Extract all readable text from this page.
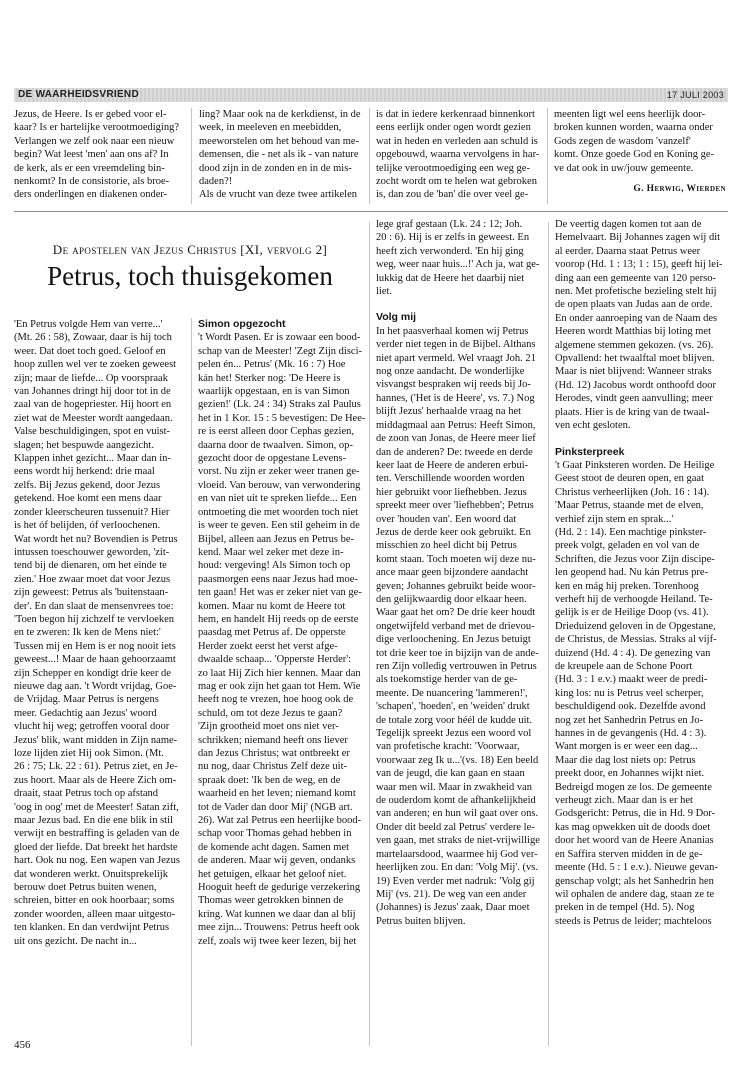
DE WAARHEIDSVRIEND	17 JULI 2003
Jezus, de Heere. Is er gebed voor el-
kaar? Is er hartelijke verootmoediging?
Verlangen we zelf ook naar een nieuw
begin? Wat leest 'men' aan ons af? In
de kerk, als er een vreemdeling bin-
nenkomt? In de consistorie, als broe-
ders onderlingen en diakenen onder-
ling? Maar ook na de kerkdienst, in de
week, in meeleven en meebidden,
meeworstelen om het behoud van me-
demensen, die - net als ik - van nature
dood zijn in de zonden en in de mis-
daden?!
Als de vrucht van deze twee artikelen
is dat in iedere kerkenraad binnenkort
eens eerlijk onder ogen wordt gezien
wat in heden en verleden aan schuld is
opgebouwd, waarna vervolgens in har-
telijke verootmoediging een weg ge-
zocht wordt om te helen wat gebroken
is, dan zou de 'ban' die over veel ge-
meenten ligt wel eens heerlijk door-
broken kunnen worden, waarna onder
Gods zegen de wasdom 'vanzelf'
komt. Onze goede God en Koning ge-
ve dat ook in uw/jouw gemeente.
G. Herwig, Wierden
De apostelen van Jezus Christus [XI, vervolg 2]
Petrus, toch thuisgekomen
'En Petrus volgde Hem van verre...'
(Mt. 26 : 58), Zowaar, daar is hij toch
weer. Dat doet toch goed. Geloof en
hoop zullen wel ver te zoeken geweest
zijn; maar de liefde... Op voorspraak
van Johannes dringt hij door tot in de
zaal van de hogepriester. Hij hoort en
ziet wat de Meester wordt aangedaan.
Valse beschuldigingen, spot en vuist-
slagen; het bespuwde aangezicht.
Klappen inhet gezicht... Maar dan in-
eens wordt hij herkend: drie maal
zelfs. Bij Jezus gekend, door Jezus
getekend. Hoe komt een mens daar
zonder kleerscheuren tussenuit? Hier
is het óf belijden, óf verloochenen.
Wat wordt het nu? Bovendien is Petrus
intussen toeschouwer geworden, 'zit-
tend bij de dienaren, om het einde te
zien.' Hoe zwaar moet dat voor Jezus
zijn geweest: Petrus als 'buitenstaan-
der'. En dan slaat de mensenvrees toe:
'Toen begon hij zichzelf te vervloeken
en te zweren: Ik ken de Mens niet:'
Tussen mij en Hem is er nog nooit iets
geweest...! Maar de haan gehoorzaamt
zijn Schepper en kondigt drie keer de
nieuwe dag aan. 't Wordt vrijdag, Goe-
de Vrijdag. Maar Petrus is nergens
meer. Gedachtig aan Jezus' woord
vlucht hij weg; getroffen vooral door
Jezus' blik, want midden in Zijn name-
loze lijden ziet Hij ook Simon. (Mt.
26 : 75; Lk. 22 : 61). Petrus ziet, en Je-
zus hoort. Maar als de Heere Zich om-
draait, staat Petrus toch op afstand
'oog in oog' met de Meester! Satan zift,
maar Jezus bad. En die ene blik in stil
verwijt en bestraffing is geladen van de
gloed der liefde. Dat breekt het hardste
hart. Ook nu nog. Een wapen van Jezus
dat wonderen werkt. Onuitsprekelijk
berouw doet Petrus buiten wenen,
schreien, bitter en ook hoorbaar; soms
zonder woorden, alleen maar uitgesto-
ten klanken. En dan verdwijnt Petrus
uit ons gezicht. De nacht in...
Simon opgezocht
't Wordt Pasen. Er is zowaar een bood-
schap van de Meester! 'Zegt Zijn disci-
pelen én... Petrus' (Mk. 16 : 7) Hoe
kán het! Sterker nog: 'De Heere is
waarlijk opgestaan, en is van Simon
gezien!' (Lk. 24 : 34) Straks zal Paulus
het in 1 Kor. 15 : 5 bevestigen: De Hee-
re is eerst alleen door Cephas gezien,
daarna door de twaalven. Simon, op-
gezocht door de opgestane Levens-
vorst. Nu zijn er zeker weer tranen ge-
vloeid. Van berouw, van verwondering
en van niet uit te spreken liefde... Een
ontmoeting die met woorden toch niet
is weer te geven. Een stil geheim in de
Bijbel, alleen aan Jezus en Petrus be-
kend. Maar wel zeker met deze in-
houd: vergeving! Als Simon toch op
paasmorgen eens naar Jezus had moe-
ten gaan! Het was er zeker niet van ge-
komen. Maar nu komt de Heere tot
hem, en handelt Hij reeds op de eerste
paasdag met Petrus af. De opperste
Herder zoekt eerst het verst afge-
dwaalde schaap... 'Opperste Herder':
zo laat Hij Zich hier kennen. Maar dan
mag er ook zijn het gaan tot Hem. Wie
heeft nog te vrezen, hoe hoog ook de
schuld, om tot deze Jezus te gaan?
'Zijn grootheid moet ons niet ver-
schrikken; niemand heeft ons liever
dan Jezus Christus; wat ontbreekt er
nu nog, daar Christus Zelf deze uit-
spraak doet: 'Ik ben de weg, en de
waarheid en het leven; niemand komt
tot de Vader dan door Mij' (NGB art.
26). Wat zal Petrus een heerlijke bood-
schap voor Thomas gehad hebben in
de komende acht dagen. Samen met
de anderen. Maar wij geven, ondanks
het getuigen, elkaar het geloof niet.
Hooguit heeft de gedurige verzekering
Thomas weer getrokken binnen de
kring. Wat kunnen we daar dan al blij
mee zijn... Trouwens: Petrus heeft ook
zelf, zoals wij twee keer lezen, bij het
lege graf gestaan (Lk. 24 : 12; Joh.
20 : 6). Hij is er zelfs in geweest. En
heeft zich verwonderd. 'En hij ging
weg, weer naar huis...!' Ach ja, wat ge-
lukkig dat de Heere het daarbij niet
liet.
Volg mij
In het paasverhaal komen wij Petrus
verder niet tegen in de Bijbel. Althans
niet apart vermeld. Wel vraagt Joh. 21
nog onze aandacht. De wonderlijke
visvangst bespraken wij reeds bij Jo-
hannes, ('Het is de Heere', vs. 7.) Nog
blijft Jezus' herhaalde vraag na het
middagmaal aan Petrus: Heeft Simon,
de zoon van Jonas, de Heere meer lief
dan de anderen? De: tweede en derde
keer laat de Heere de anderen erbui-
ten. Verschillende woorden worden
hier gebruikt voor liefhebben. Jezus
spreekt meer over 'liefhebben'; Petrus
over 'houden van'. Een woord dat
Jezus de derde keer ook gebruikt. En
misschien zo heel dicht bij Petrus
komt staan. Toch moeten wij deze nu-
ance maar geen bijzondere aandacht
geven; Johannes gebruikt beide woor-
den gelijkwaardig door elkaar heen.
Waar gaat het om? De drie keer houdt
ongetwijfeld verband met de drievou-
dige verloochening. En Jezus betuigt
tot drie keer toe in bijzijn van de ande-
ren Zijn volledig vertrouwen in Petrus
als toekomstige herder van de ge-
meente. De nuancering 'lammeren!',
'schapen', 'hoeden', en 'weiden' drukt
de totale zorg voor héél de kudde uit.
Tegelijk spreekt Jezus een woord vol
van profetische kracht: 'Voorwaar,
voorwaar zeg Ik u...'(vs. 18) Een beeld
van de jeugd, die kan gaan en staan
waar men wil. Maar in zwakheid van
de ouderdom komt de afhankelijkheid
van anderen; en hun wil gaat over ons.
Onder dit beeld zal Petrus' verdere le-
ven gaan, met straks de niet-vrijwillige
martelaarsdood, waarmee hij God ver-
heerlijken zou. En dan: 'Volg Mij'. (vs.
19) Even verder met nadruk: 'Volg gij
Mij' (vs. 21). De weg van een ander
(Johannes) is Jezus' zaak, Daar moet
Petrus buiten blijven.
De veertig dagen komen tot aan de
Hemelvaart. Bij Johannes zagen wij dit
al eerder. Daarna staat Petrus weer
voorop (Hd. 1 : 13; 1 : 15), geeft hij lei-
ding aan een gemeente van 120 perso-
nen. Met profetische bezieling stelt hij
de open plaats van Judas aan de orde.
En onder aanroeping van de Naam des
Heeren wordt Matthias bij loting met
algemene stemmen gekozen. (vs. 26).
Opvallend: het twaalftal moet blijven.
Maar is niet blijvend: Wanneer straks
(Hd. 12) Jacobus wordt onthoofd door
Herodes, vindt geen aanvulling; meer
plaats. Hier is de kring van de twaal-
ven echt gesloten.
Pinksterpreek
't Gaat Pinksteren worden. De Heilige
Geest stoot de deuren open, en gaat
Christus verheerlijken (Joh. 16 : 14).
'Maar Petrus, staande met de elven,
verhief zijn stem en sprak...'
(Hd. 2 : 14). Een machtige pinkster-
preek volgt, geladen en vol van de
Schriften, die Jezus voor Zijn discipe-
len geopend had. Nu kán Petrus pre-
ken en mág hij preken. Torenhoog
verheft hij de verhoogde Heiland. Te-
gelijk is er de Heilige Doop (vs. 41).
Drieduizend geloven in de Opgestane,
de Christus, de Messias. Straks al vijf-
duizend (Hd. 4 : 4). De genezing van
de kreupele aan de Schone Poort
(Hd. 3 : 1 e.v.) maakt weer de predi-
king los: nu is Petrus veel scherper,
beschuldigend ook. Dezelfde avond
nog zet het Sanhedrin Petrus en Jo-
hannes in de gevangenis (Hd. 4 : 3).
Want morgen is er weer een dag...
Maar die dag lost niets op: Petrus
preekt door, en Johannes wijkt niet.
Bedreigd mogen ze los. De gemeente
verheugt zich. Maar dan is er het
Godsgericht: Petrus, die in Hd. 9 Dor-
kas mag opwekken uit de doods doet
door het woord van de Heere Ananias
en Saffira sterven midden in de ge-
meente (Hd. 5 : 1 e.v.). Nieuwe gevan-
genschap volgt; als het Sanhedrin hen
wil ophalen de andere dag, staan ze te
preken in de tempel (Hd. 5). Nog
steeds is Petrus de leider; machteloos
456
